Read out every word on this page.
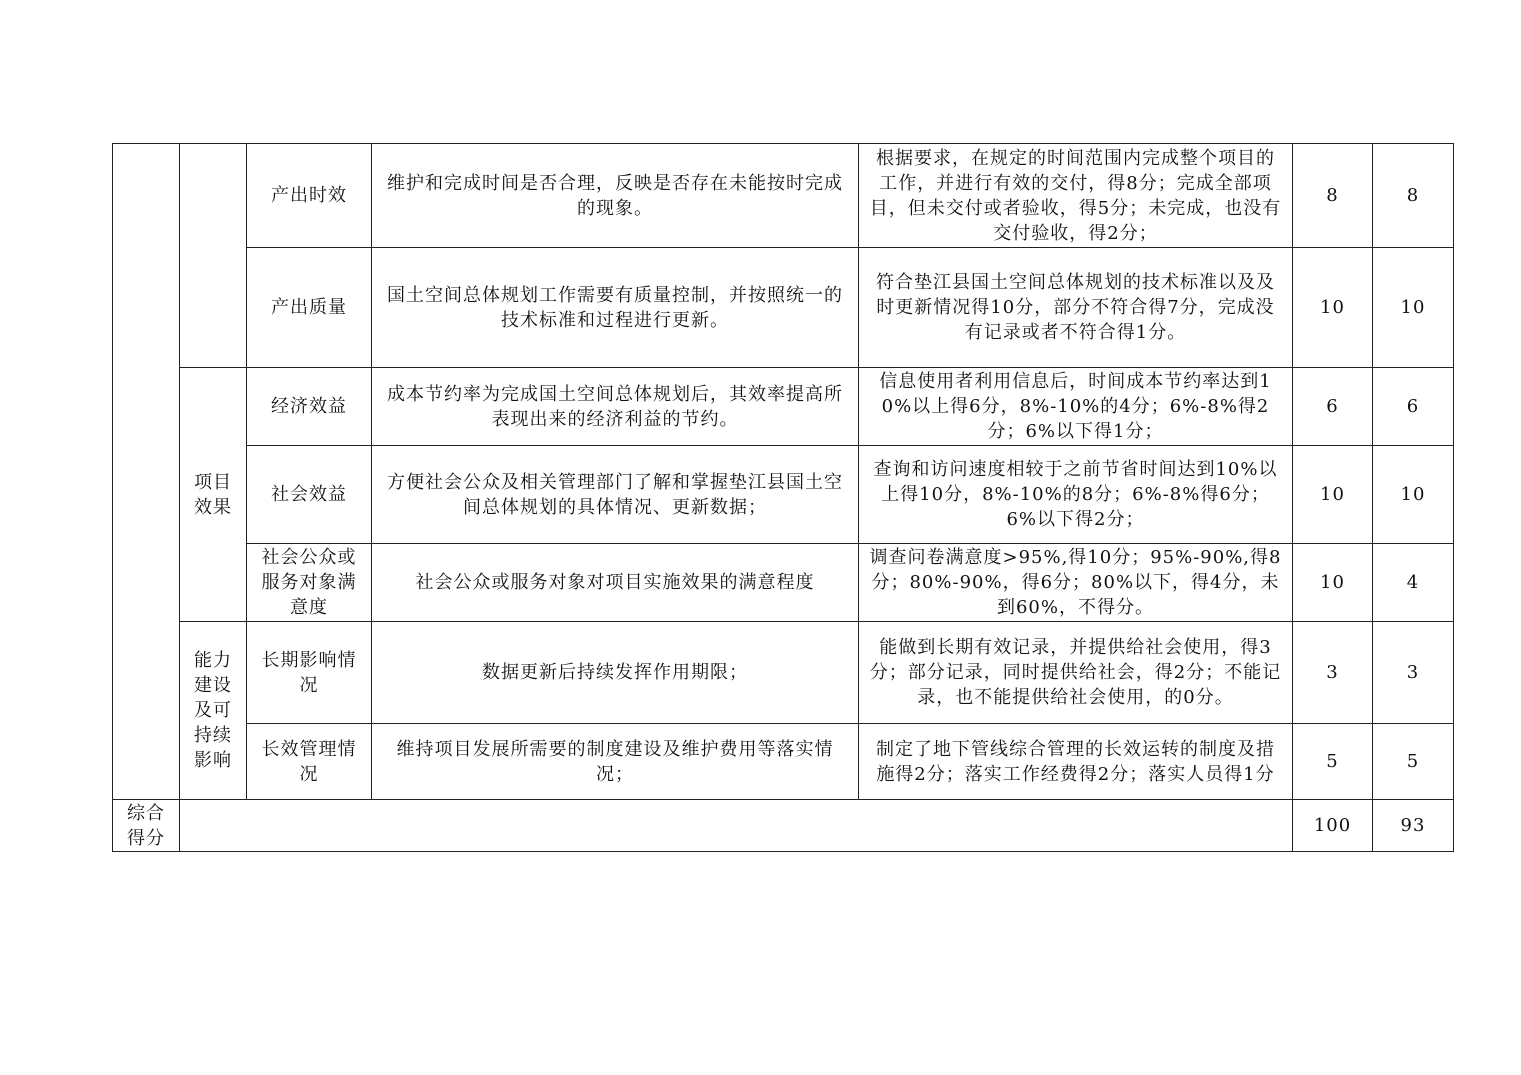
		产出时效	维护和完成时间是否合理，反映是否存在未能按时完成的现象。	根据要求，在规定的时间范围内完成整个项目的工作，并进行有效的交付，得8分；完成全部项目，但未交付或者验收，得5分；未完成，也没有交付验收，得2分；	8	8
		产出质量	国土空间总体规划工作需要有质量控制，并按照统一的技术标准和过程进行更新。	符合垫江县国土空间总体规划的技术标准以及及时更新情况得10分，部分不符合得7分，完成没有记录或者不符合得1分。	10	10
	项目效果	经济效益	成本节约率为完成国土空间总体规划后，其效率提高所表现出来的经济利益的节约。	信息使用者利用信息后，时间成本节约率达到10%以上得6分，8%-10%的4分；6%-8%得2分；6%以下得1分；	6	6
		社会效益	方便社会公众及相关管理部门了解和掌握垫江县国土空间总体规划的具体情况、更新数据；	查询和访问速度相较于之前节省时间达到10%以上得10分，8%-10%的8分；6%-8%得6分；6%以下得2分；	10	10
		社会公众或服务对象满意度	社会公众或服务对象对项目实施效果的满意程度	调查问卷满意度>95%,得10分；95%-90%,得8分；80%-90%，得6分；80%以下，得4分，未到60%，不得分。	10	4
	能力建设及可持续影响	长期影响情况	数据更新后持续发挥作用期限；	能做到长期有效记录，并提供给社会使用，得3分；部分记录，同时提供给社会，得2分；不能记录，也不能提供给社会使用，的0分。	3	3
		长效管理情况	维持项目发展所需要的制度建设及维护费用等落实情况；	制定了地下管线综合管理的长效运转的制度及措施得2分；落实工作经费得2分；落实人员得1分	5	5
综合得分					100	93
